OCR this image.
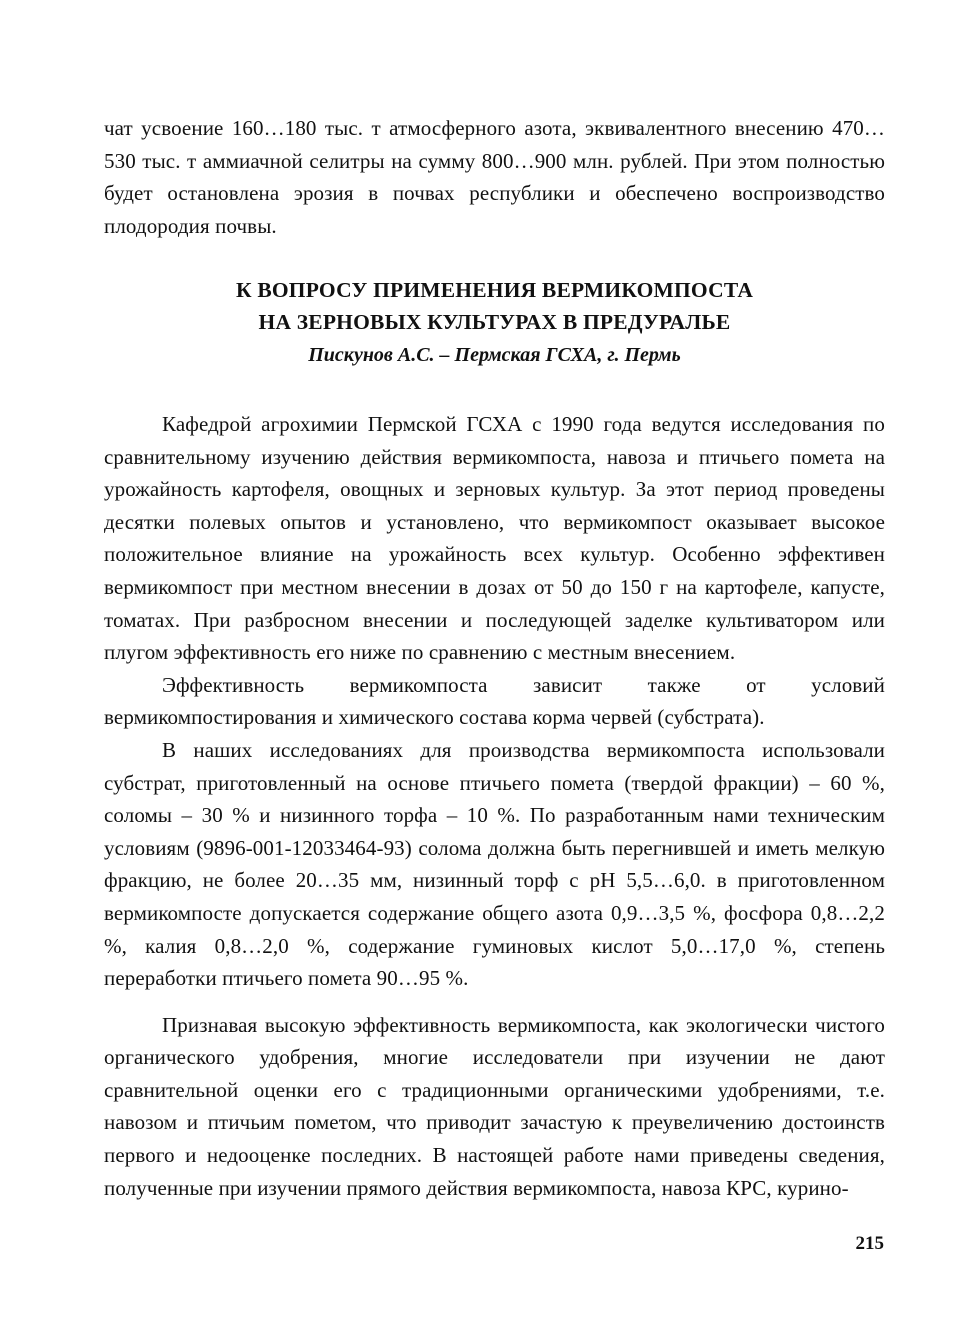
чат усвоение 160…180 тыс. т атмосферного азота, эквивалентного внесению 470…530 тыс. т аммиачной селитры на сумму 800…900 млн. рублей. При этом полностью будет остановлена эрозия в почвах республики и обеспечено воспроизводство плодородия почвы.

К ВОПРОСУ ПРИМЕНЕНИЯ ВЕРМИКОМПОСТА
НА ЗЕРНОВЫХ КУЛЬТУРАХ В ПРЕДУРАЛЬЕ
Пискунов А.С. – Пермская ГСХА, г. Пермь

Кафедрой агрохимии Пермской ГСХА с 1990 года ведутся исследования по сравнительному изучению действия вермикомпоста, навоза и птичьего помета на урожайность картофеля, овощных и зерновых культур. За этот период проведены десятки полевых опытов и установлено, что вермикомпост оказывает высокое положительное влияние на урожайность всех культур. Особенно эффективен вермикомпост при местном внесении в дозах от 50 до 150 г на картофеле, капусте, томатах. При разбросном внесении и последующей заделке культиватором или плугом эффективность его ниже по сравнению с местным внесением.

Эффективность вермикомпоста зависит также от условий вермикомпостирования и химического состава корма червей (субстрата).

В наших исследованиях для производства вермикомпоста использовали субстрат, приготовленный на основе птичьего помета (твердой фракции) – 60 %, соломы – 30 % и низинного торфа – 10 %. По разработанным нами техническим условиям (9896-001-12033464-93) солома должна быть перегнившей и иметь мелкую фракцию, не более 20…35 мм, низинный торф с рН 5,5…6,0. в приготовленном вермикомпосте допускается содержание общего азота 0,9…3,5 %, фосфора 0,8…2,2 %, калия 0,8…2,0 %, содержание гуминовых кислот 5,0…17,0 %, степень переработки птичьего помета 90…95 %.

Признавая высокую эффективность вермикомпоста, как экологически чистого органического удобрения, многие исследователи при изучении не дают сравнительной оценки его с традиционными органическими удобрениями, т.е. навозом и птичьим пометом, что приводит зачастую к преувеличению достоинств первого и недооценке последних. В настоящей работе нами приведены сведения, полученные при изучении прямого действия вермикомпоста, навоза КРС, курино-

215
